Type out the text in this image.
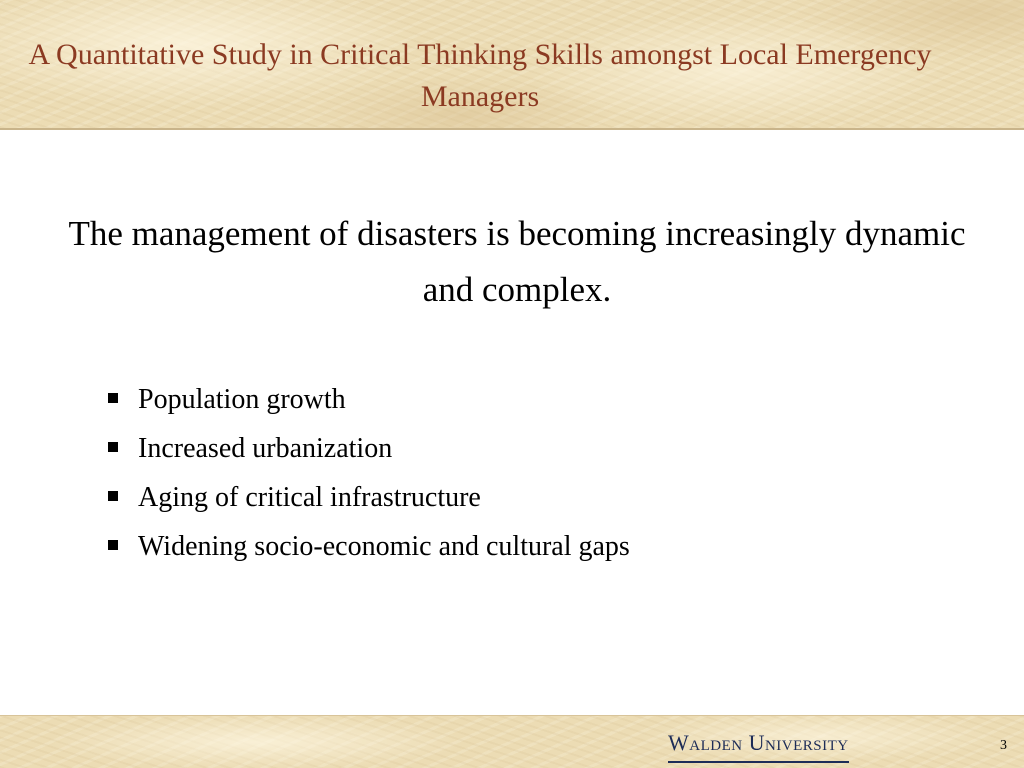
A Quantitative Study in Critical Thinking Skills amongst Local Emergency Managers

The management of disasters is becoming increasingly dynamic and complex.

Population growth
Increased urbanization
Aging of critical infrastructure
Widening socio-economic and cultural gaps
Walden University	3
